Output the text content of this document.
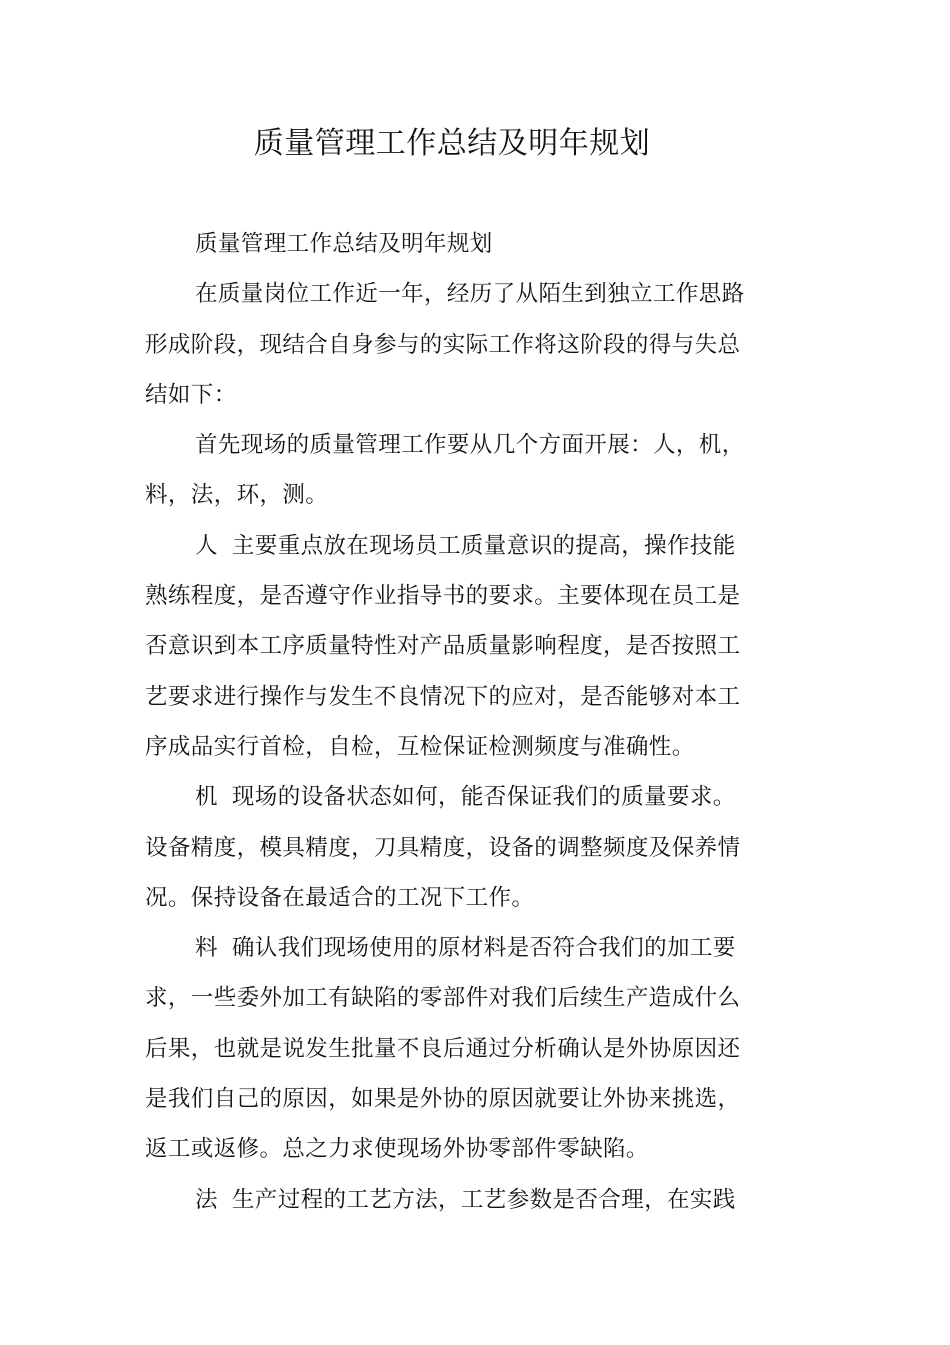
质量管理工作总结及明年规划
质量管理工作总结及明年规划
在质量岗位工作近一年，经历了从陌生到独立工作思路
形成阶段，现结合自身参与的实际工作将这阶段的得与失总
结如下：
首先现场的质量管理工作要从几个方面开展：人，机，
料，法，环，测。
人 主要重点放在现场员工质量意识的提高，操作技能
熟练程度，是否遵守作业指导书的要求。主要体现在员工是
否意识到本工序质量特性对产品质量影响程度，是否按照工
艺要求进行操作与发生不良情况下的应对，是否能够对本工
序成品实行首检，自检，互检保证检测频度与准确性。
机 现场的设备状态如何，能否保证我们的质量要求。
设备精度，模具精度，刀具精度，设备的调整频度及保养情
况。保持设备在最适合的工况下工作。
料 确认我们现场使用的原材料是否符合我们的加工要
求，一些委外加工有缺陷的零部件对我们后续生产造成什么
后果，也就是说发生批量不良后通过分析确认是外协原因还
是我们自己的原因，如果是外协的原因就要让外协来挑选，
返工或返修。总之力求使现场外协零部件零缺陷。
法 生产过程的工艺方法，工艺参数是否合理，在实践
